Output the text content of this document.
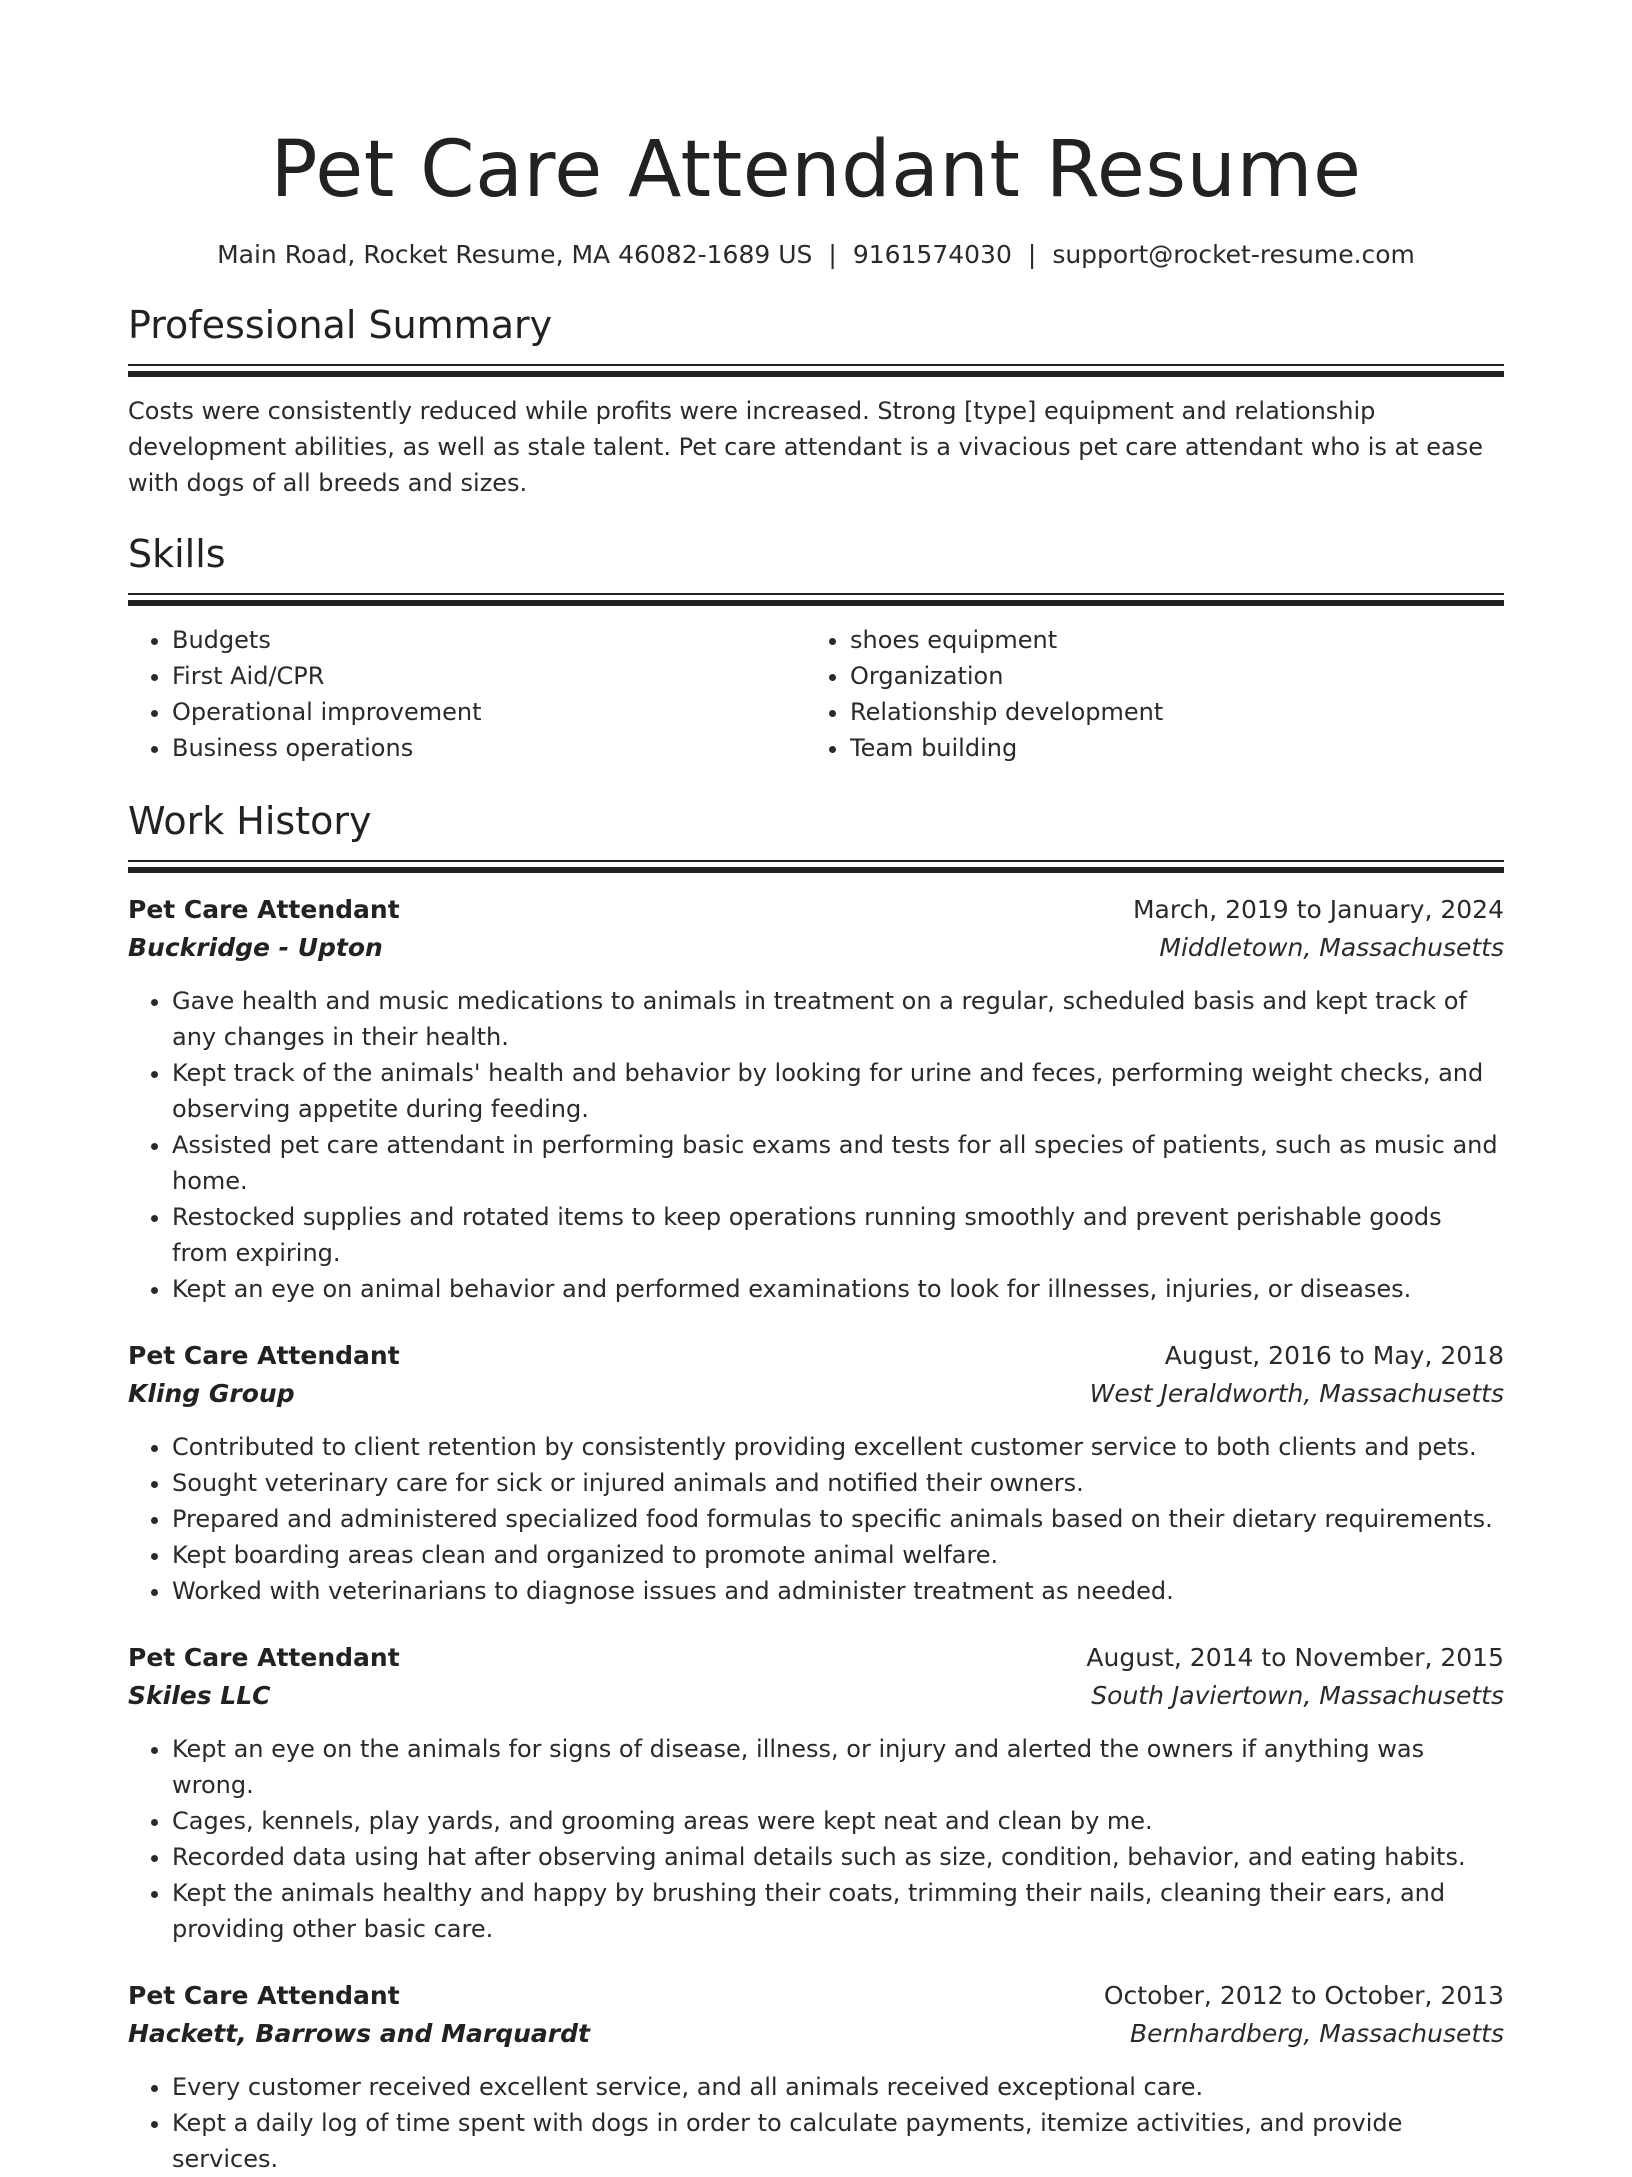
Pet Care Attendant Resume
Main Road, Rocket Resume, MA 46082-1689 US | 9161574030 | support@rocket-resume.com
Professional Summary

Costs were consistently reduced while profits were increased. Strong [type] equipment and relationship development abilities, as well as stale talent. Pet care attendant is a vivacious pet care attendant who is at ease with dogs of all breeds and sizes.

Skills
• Budgets
• First Aid/CPR
• Operational improvement
• Business operations
• shoes equipment
• Organization
• Relationship development
• Team building
Work History
Pet Care Attendant	March, 2019 to January, 2024
Buckridge - Upton	Middletown, Massachusetts
• Gave health and music medications to animals in treatment on a regular, scheduled basis and kept track of any changes in their health.
• Kept track of the animals' health and behavior by looking for urine and feces, performing weight checks, and observing appetite during feeding.
• Assisted pet care attendant in performing basic exams and tests for all species of patients, such as music and home.
• Restocked supplies and rotated items to keep operations running smoothly and prevent perishable goods from expiring.
• Kept an eye on animal behavior and performed examinations to look for illnesses, injuries, or diseases.
Pet Care Attendant	August, 2016 to May, 2018
Kling Group	West Jeraldworth, Massachusetts
• Contributed to client retention by consistently providing excellent customer service to both clients and pets.
• Sought veterinary care for sick or injured animals and notified their owners.
• Prepared and administered specialized food formulas to specific animals based on their dietary requirements.
• Kept boarding areas clean and organized to promote animal welfare.
• Worked with veterinarians to diagnose issues and administer treatment as needed.
Pet Care Attendant	August, 2014 to November, 2015
Skiles LLC	South Javiertown, Massachusetts
• Kept an eye on the animals for signs of disease, illness, or injury and alerted the owners if anything was wrong.
• Cages, kennels, play yards, and grooming areas were kept neat and clean by me.
• Recorded data using hat after observing animal details such as size, condition, behavior, and eating habits.
• Kept the animals healthy and happy by brushing their coats, trimming their nails, cleaning their ears, and providing other basic care.
Pet Care Attendant	October, 2012 to October, 2013
Hackett, Barrows and Marquardt	Bernhardberg, Massachusetts
• Every customer received excellent service, and all animals received exceptional care.
• Kept a daily log of time spent with dogs in order to calculate payments, itemize activities, and provide services.
